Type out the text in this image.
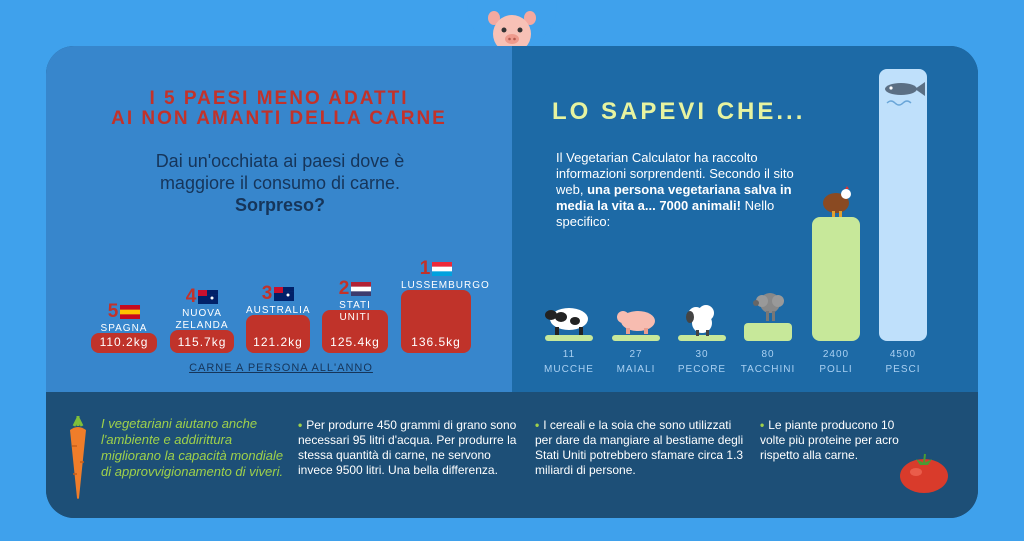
I 5 PAESI MENO ADATTI
AI NON AMANTI DELLA CARNE
Dai un'occhiata ai paesi dove è maggiore il consumo di carne. Sorpreso?
110.2kg
5
SPAGNA
115.7kg
4
NUOVA ZELANDA
121.2kg
3
AUSTRALIA
125.4kg
2
STATI UNITI
136.5kg
1
LUSSEMBURGO
CARNE A PERSONA ALL'ANNO
LO SAPEVI CHE...
Il Vegetarian Calculator ha raccolto informazioni sorprendenti. Secondo il sito web, una persona vegetariana salva in media la vita a... 7000 animali! Nello specifico:
11
MUCCHE
27
MAIALI
30
PECORE
80
TACCHINI
2400
POLLI
4500
PESCI
I vegetariani aiutano anche l'ambiente e addirittura migliorano la capacità mondiale di approvvigionamento di viveri.
• Per produrre 450 grammi di grano sono necessari 95 litri d'acqua. Per produrre la stessa quantità di carne, ne servono invece 9500 litri. Una bella differenza.
• I cereali e la soia che sono utilizzati per dare da mangiare al bestiame degli Stati Uniti potrebbero sfamare circa 1.3 miliardi di persone.
• Le piante producono 10 volte più proteine per acro rispetto alla carne.
